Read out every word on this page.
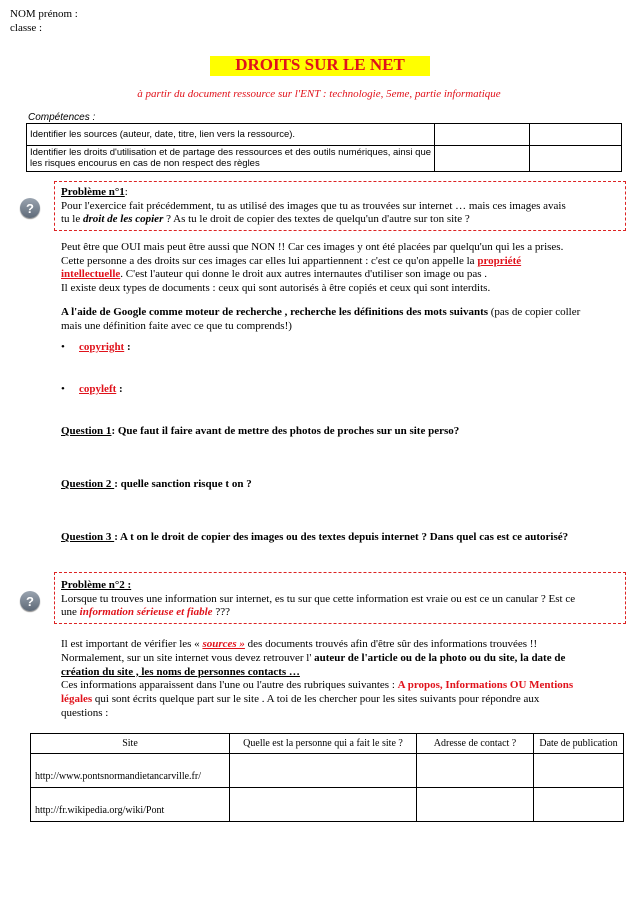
NOM prénom :
classe :
DROITS SUR LE NET
à partir du document ressource sur l'ENT : technologie, 5eme, partie informatique
Compétences :
Identifier les sources (auteur, date, titre, lien vers la ressource).		
Identifier les droits d'utilisation et de partage des ressources et des outils numériques, ainsi que les risques encourus en cas de non respect des règles		
?
Problème n°1:
Pour l'exercice fait précédemment, tu as utilisé des images que tu as trouvées sur internet … mais ces images avais
tu le droit de les copier ? As tu le droit de copier des textes de quelqu'un d'autre sur ton site ?
Peut être que OUI mais peut être aussi que NON !! Car ces images y ont été placées par quelqu'un qui les a prises.
Cette personne a des droits sur ces images car elles lui appartiennent : c'est ce qu'on appelle la propriété
intellectuelle. C'est l'auteur qui donne le droit aux autres internautes d'utiliser son image ou pas .
Il existe deux types de documents : ceux qui sont autorisés à être copiés et ceux qui sont interdits.
A l'aide de Google comme moteur de recherche , recherche les définitions des mots suivants (pas de copier coller
mais une définition faite avec ce que tu comprends!)
• copyright :
• copyleft :
Question 1: Que faut il faire avant de mettre des photos de proches sur un site perso?
Question 2 : quelle sanction risque t on ?
Question 3 : A t on le droit de copier des images ou des textes depuis internet ? Dans quel cas est ce autorisé?
?
Problème n°2 :
Lorsque tu trouves une information sur internet, es tu sur que cette information est vraie ou est ce un canular ? Est ce
une information sérieuse et fiable ???
Il est important de vérifier les « sources » des documents trouvés afin d'être sûr des informations trouvées !!
Normalement, sur un site internet vous devez retrouver l' auteur de l'article ou de la photo ou du site, la date de
création du site , les noms de personnes contacts …
Ces informations apparaissent dans l'une ou l'autre des rubriques suivantes : A propos, Informations OU Mentions
légales qui sont écrits quelque part sur le site . A toi de les chercher pour les sites suivants pour répondre aux
questions :
Site	Quelle est la personne qui a fait le site ?	Adresse de contact ?	Date de publication
http://www.pontsnormandietancarville.fr/			
http://fr.wikipedia.org/wiki/Pont			
